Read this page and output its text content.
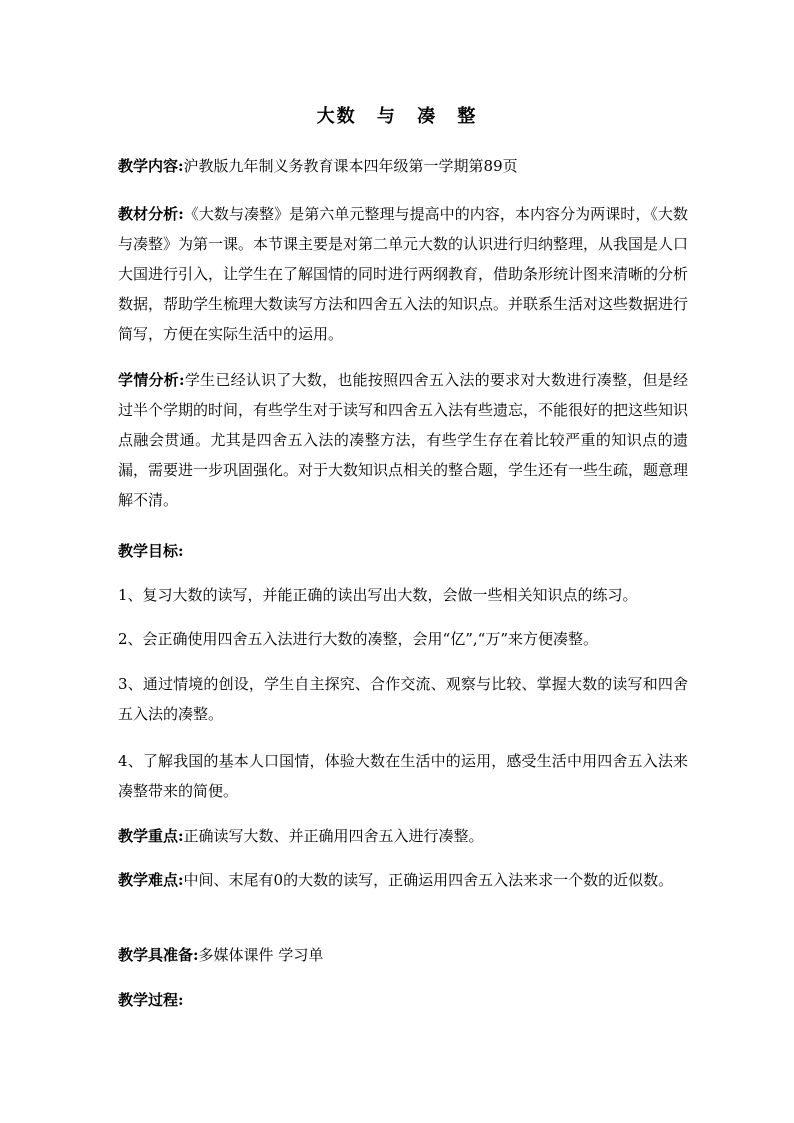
大数 与 凑 整
教学内容:沪教版九年制义务教育课本四年级第一学期第89页
教材分析:《大数与凑整》是第六单元整理与提高中的内容，本内容分为两课时，《大数与凑整》为第一课。本节课主要是对第二单元大数的认识进行归纳整理，从我国是人口大国进行引入，让学生在了解国情的同时进行两纲教育，借助条形统计图来清晰的分析数据，帮助学生梳理大数读写方法和四舍五入法的知识点。并联系生活对这些数据进行简写，方便在实际生活中的运用。
学情分析:学生已经认识了大数，也能按照四舍五入法的要求对大数进行凑整，但是经过半个学期的时间，有些学生对于读写和四舍五入法有些遗忘，不能很好的把这些知识点融会贯通。尤其是四舍五入法的凑整方法，有些学生存在着比较严重的知识点的遗漏，需要进一步巩固强化。对于大数知识点相关的整合题，学生还有一些生疏，题意理解不清。
教学目标:
1、复习大数的读写，并能正确的读出写出大数，会做一些相关知识点的练习。
2、会正确使用四舍五入法进行大数的凑整，会用“亿”,“万”来方便凑整。
3、通过情境的创设，学生自主探究、合作交流、观察与比较、掌握大数的读写和四舍五入法的凑整。
4、了解我国的基本人口国情，体验大数在生活中的运用，感受生活中用四舍五入法来凑整带来的简便。
教学重点:正确读写大数、并正确用四舍五入进行凑整。
教学难点:中间、末尾有0的大数的读写，正确运用四舍五入法来求一个数的近似数。
教学具准备:多媒体课件 学习单
教学过程:
